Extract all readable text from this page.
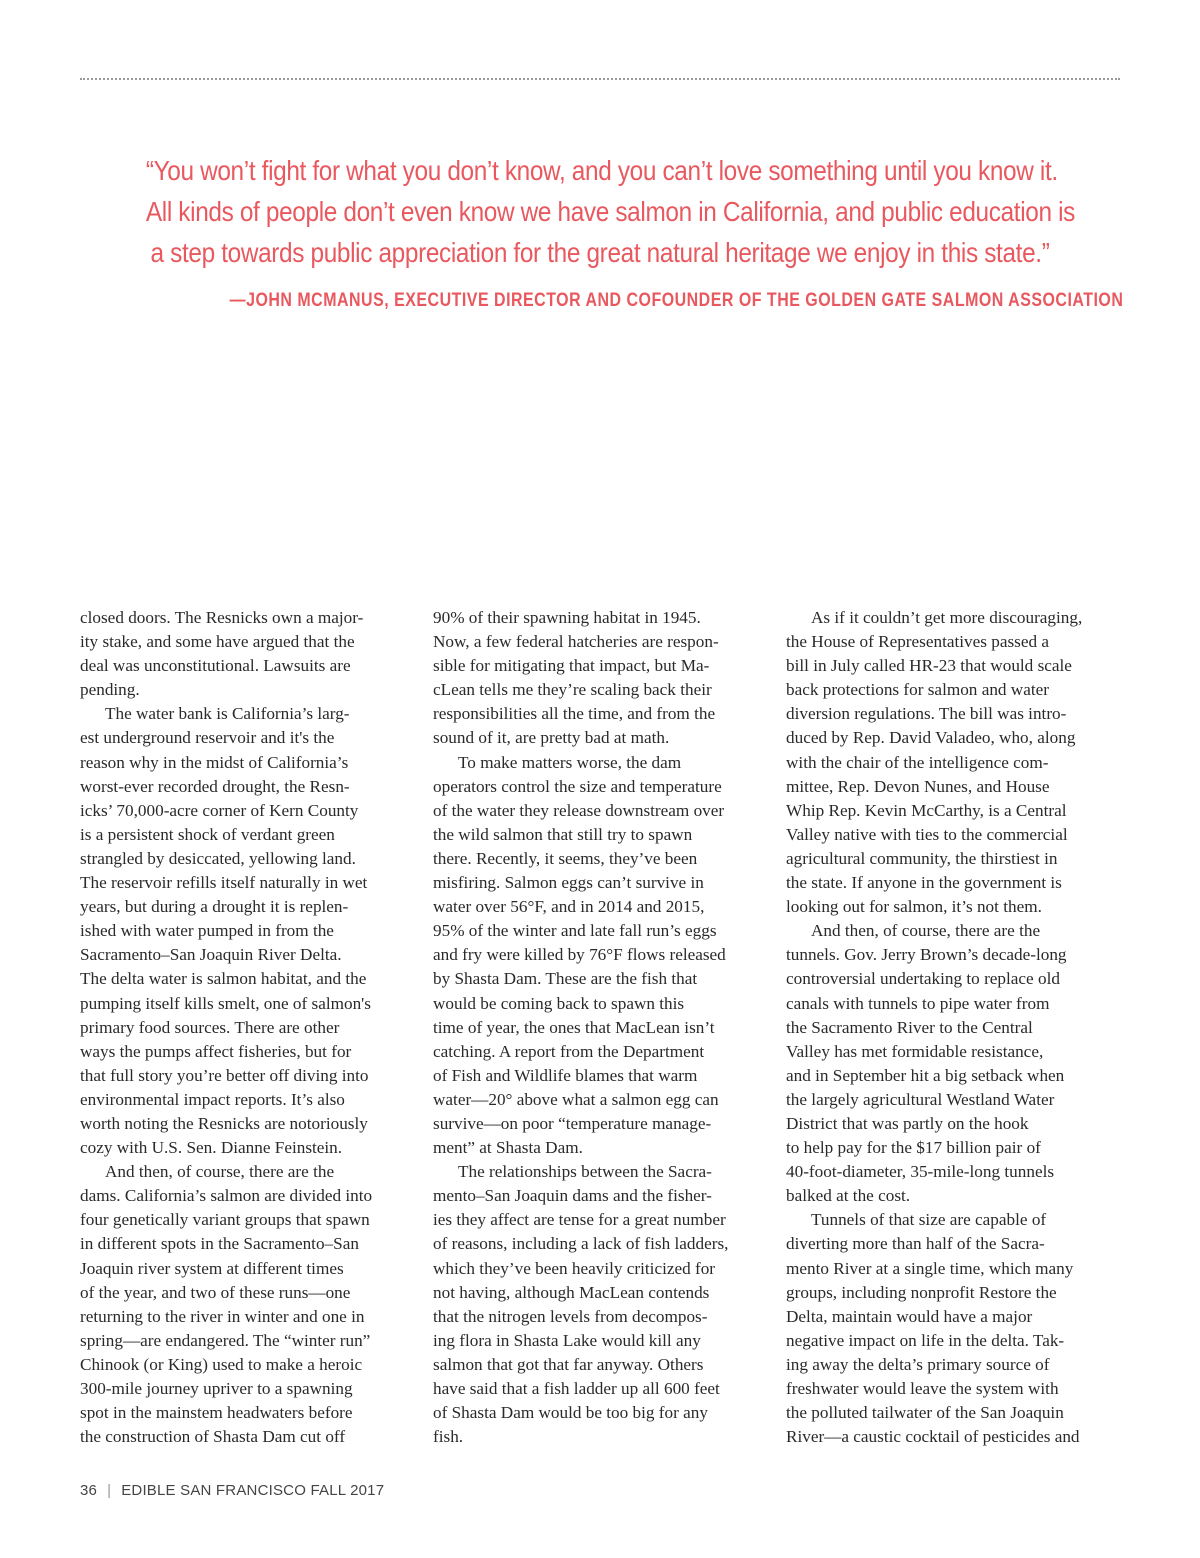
“You won’t fight for what you don’t know, and you can’t love something until you know it.
All kinds of people don’t even know we have salmon in California, and public education is
a step towards public appreciation for the great natural heritage we enjoy in this state.”

—JOHN MCMANUS, EXECUTIVE DIRECTOR AND COFOUNDER OF THE GOLDEN GATE SALMON ASSOCIATION

closed doors. The Resnicks own a major-
ity stake, and some have argued that the
deal was unconstitutional. Lawsuits are
pending.
The water bank is California’s larg-
est underground reservoir and it's the
reason why in the midst of California’s
worst-ever recorded drought, the Resn-
icks’ 70,000-acre corner of Kern County
is a persistent shock of verdant green
strangled by desiccated, yellowing land.
The reservoir refills itself naturally in wet
years, but during a drought it is replen-
ished with water pumped in from the
Sacramento–San Joaquin River Delta.
The delta water is salmon habitat, and the
pumping itself kills smelt, one of salmon's
primary food sources. There are other
ways the pumps affect fisheries, but for
that full story you’re better off diving into
environmental impact reports. It’s also
worth noting the Resnicks are notoriously
cozy with U.S. Sen. Dianne Feinstein.
And then, of course, there are the
dams. California’s salmon are divided into
four genetically variant groups that spawn
in different spots in the Sacramento–San
Joaquin river system at different times
of the year, and two of these runs—one
returning to the river in winter and one in
spring—are endangered. The “winter run”
Chinook (or King) used to make a heroic
300-mile journey upriver to a spawning
spot in the mainstem headwaters before
the construction of Shasta Dam cut off
90% of their spawning habitat in 1945.
Now, a few federal hatcheries are respon-
sible for mitigating that impact, but Ma-
cLean tells me they’re scaling back their
responsibilities all the time, and from the
sound of it, are pretty bad at math.
To make matters worse, the dam
operators control the size and temperature
of the water they release downstream over
the wild salmon that still try to spawn
there. Recently, it seems, they’ve been
misfiring. Salmon eggs can’t survive in
water over 56°F, and in 2014 and 2015,
95% of the winter and late fall run’s eggs
and fry were killed by 76°F flows released
by Shasta Dam. These are the fish that
would be coming back to spawn this
time of year, the ones that MacLean isn’t
catching. A report from the Department
of Fish and Wildlife blames that warm
water—20° above what a salmon egg can
survive—on poor “temperature manage-
ment” at Shasta Dam.
The relationships between the Sacra-
mento–San Joaquin dams and the fisher-
ies they affect are tense for a great number
of reasons, including a lack of fish ladders,
which they’ve been heavily criticized for
not having, although MacLean contends
that the nitrogen levels from decompos-
ing flora in Shasta Lake would kill any
salmon that got that far anyway. Others
have said that a fish ladder up all 600 feet
of Shasta Dam would be too big for any
fish.
As if it couldn’t get more discouraging,
the House of Representatives passed a
bill in July called HR-23 that would scale
back protections for salmon and water
diversion regulations. The bill was intro-
duced by Rep. David Valadeo, who, along
with the chair of the intelligence com-
mittee, Rep. Devon Nunes, and House
Whip Rep. Kevin McCarthy, is a Central
Valley native with ties to the commercial
agricultural community, the thirstiest in
the state. If anyone in the government is
looking out for salmon, it’s not them.
And then, of course, there are the
tunnels. Gov. Jerry Brown’s decade-long
controversial undertaking to replace old
canals with tunnels to pipe water from
the Sacramento River to the Central
Valley has met formidable resistance,
and in September hit a big setback when
the largely agricultural Westland Water
District that was partly on the hook
to help pay for the $17 billion pair of
40-foot-diameter, 35-mile-long tunnels
balked at the cost.
Tunnels of that size are capable of
diverting more than half of the Sacra-
mento River at a single time, which many
groups, including nonprofit Restore the
Delta, maintain would have a major
negative impact on life in the delta. Tak-
ing away the delta’s primary source of
freshwater would leave the system with
the polluted tailwater of the San Joaquin
River—a caustic cocktail of pesticides and
36 | EDIBLE SAN FRANCISCO FALL 2017
